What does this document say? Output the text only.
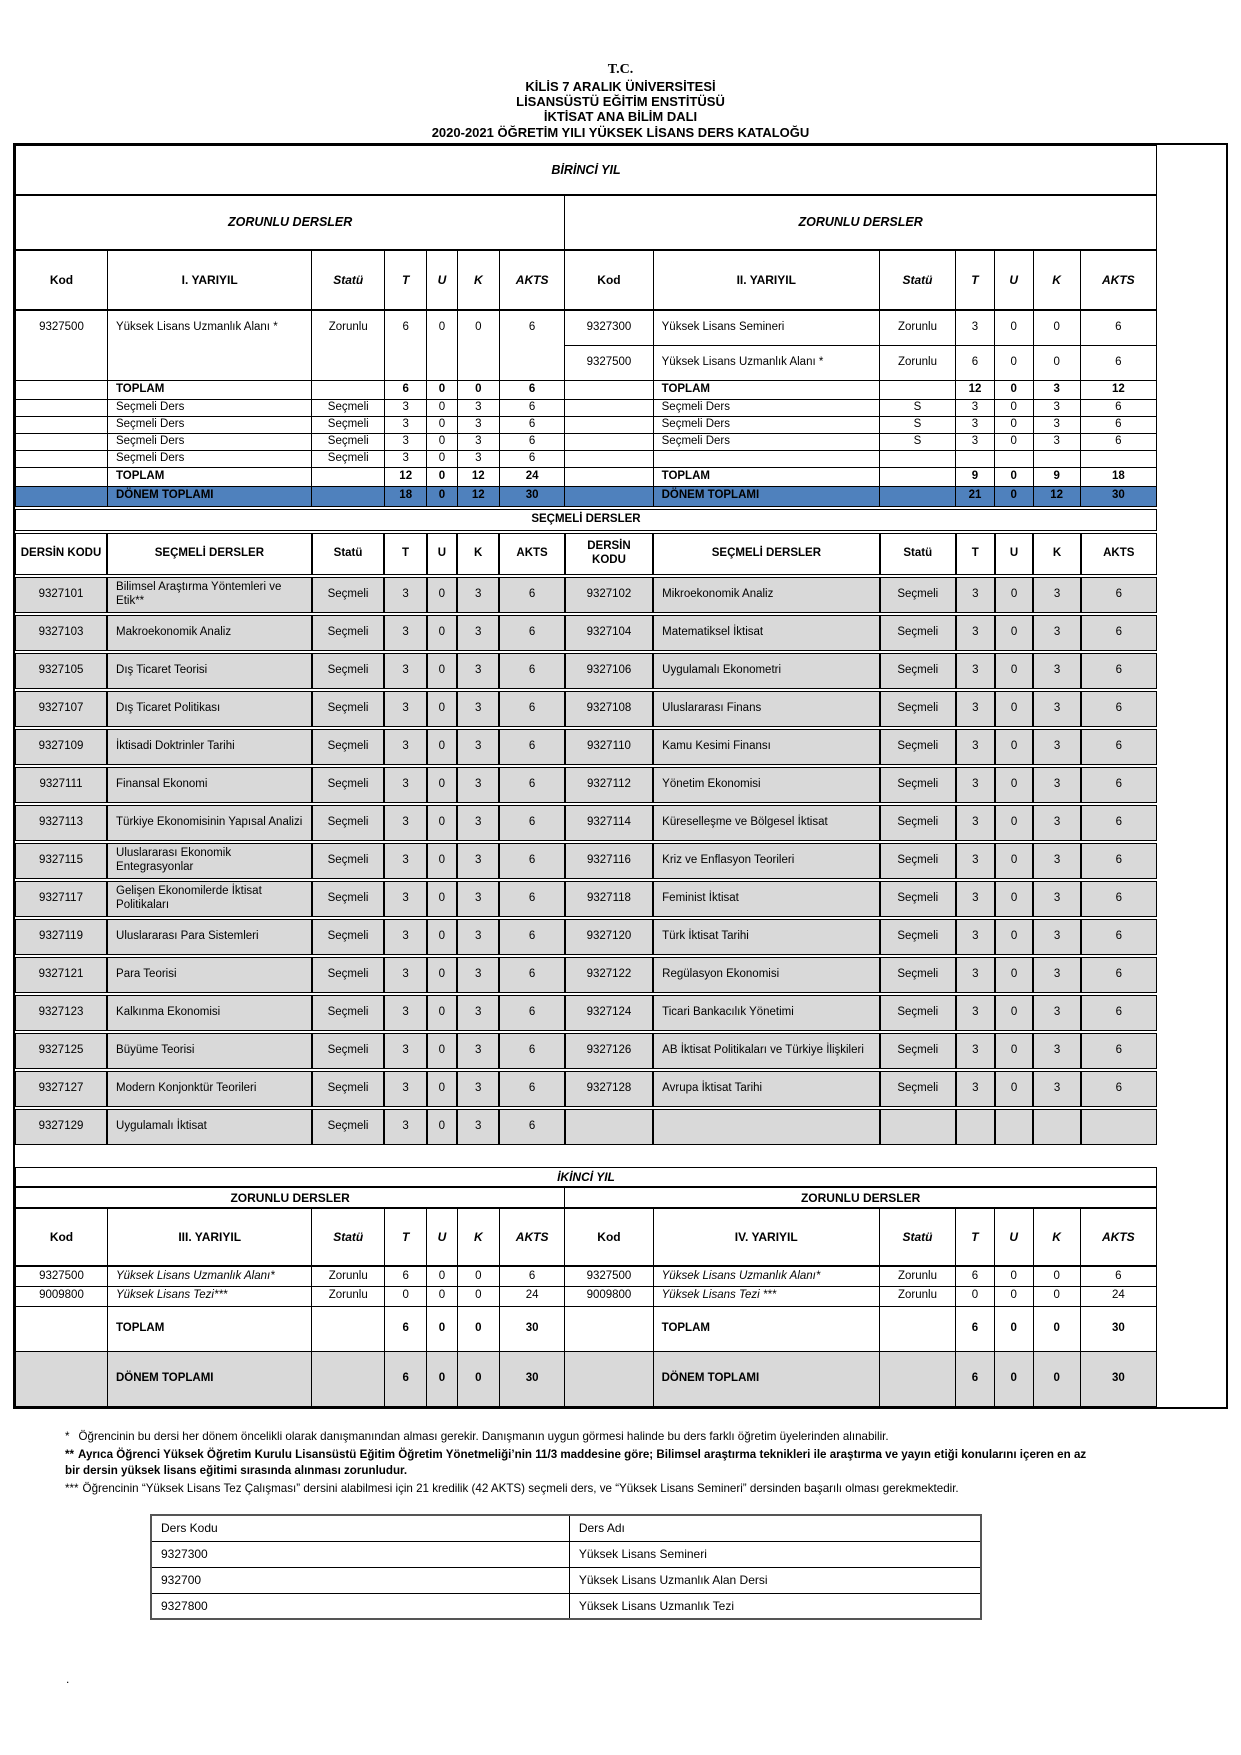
T.C.
KİLİS 7 ARALIK ÜNİVERSİTESİ
LİSANSÜSTÜ EĞİTİM ENSTİTÜSÜ
İKTİSAT ANA BİLİM DALI
2020-2021 ÖĞRETİM YILI YÜKSEK LİSANS DERS KATALOĞU
BİRİNCİ YIL														
ZORUNLU DERSLER							ZORUNLU DERSLER							
Kod	I. YARIYIL	Statü	T	U	K	AKTS	Kod	II. YARIYIL	Statü	T	U	K	AKTS	
9327500	Yüksek Lisans Uzmanlık Alanı *	Zorunlu	6	0	0	6	9327300	Yüksek Lisans Semineri	Zorunlu	3	0	0	6	
							9327500	Yüksek Lisans Uzmanlık Alanı *	Zorunlu	6	0	0	6	
	TOPLAM		6	0	0	6		TOPLAM		12	0	3	12	
	Seçmeli Ders	Seçmeli	3	0	3	6		Seçmeli Ders	S	3	0	3	6	
	Seçmeli Ders	Seçmeli	3	0	3	6		Seçmeli Ders	S	3	0	3	6	
	Seçmeli Ders	Seçmeli	3	0	3	6		Seçmeli Ders	S	3	0	3	6	
	Seçmeli Ders	Seçmeli	3	0	3	6								
	TOPLAM		12	0	12	24		TOPLAM		9	0	9	18	
	DÖNEM TOPLAMI		18	0	12	30		DÖNEM TOPLAMI		21	0	12	30	
SEÇMELİ DERSLER														
DERSİN KODU	SEÇMELİ DERSLER	Statü	T	U	K	AKTS	DERSİN KODU	SEÇMELİ DERSLER	Statü	T	U	K	AKTS	
9327101	Bilimsel Araştırma Yöntemleri ve Etik**	Seçmeli	3	0	3	6	9327102	Mikroekonomik Analiz	Seçmeli	3	0	3	6	
9327103	Makroekonomik Analiz	Seçmeli	3	0	3	6	9327104	Matematiksel İktisat	Seçmeli	3	0	3	6	
9327105	Dış Ticaret Teorisi	Seçmeli	3	0	3	6	9327106	Uygulamalı Ekonometri	Seçmeli	3	0	3	6	
9327107	Dış Ticaret Politikası	Seçmeli	3	0	3	6	9327108	Uluslararası Finans	Seçmeli	3	0	3	6	
9327109	İktisadi Doktrinler Tarihi	Seçmeli	3	0	3	6	9327110	Kamu Kesimi Finansı	Seçmeli	3	0	3	6	
9327111	Finansal Ekonomi	Seçmeli	3	0	3	6	9327112	Yönetim Ekonomisi	Seçmeli	3	0	3	6	
9327113	Türkiye Ekonomisinin Yapısal Analizi	Seçmeli	3	0	3	6	9327114	Küreselleşme ve Bölgesel İktisat	Seçmeli	3	0	3	6	
9327115	Uluslararası Ekonomik Entegrasyonlar	Seçmeli	3	0	3	6	9327116	Kriz ve Enflasyon Teorileri	Seçmeli	3	0	3	6	
9327117	Gelişen Ekonomilerde İktisat Politikaları	Seçmeli	3	0	3	6	9327118	Feminist İktisat	Seçmeli	3	0	3	6	
9327119	Uluslararası Para Sistemleri	Seçmeli	3	0	3	6	9327120	Türk İktisat Tarihi	Seçmeli	3	0	3	6	
9327121	Para Teorisi	Seçmeli	3	0	3	6	9327122	Regülasyon Ekonomisi	Seçmeli	3	0	3	6	
9327123	Kalkınma Ekonomisi	Seçmeli	3	0	3	6	9327124	Ticari Bankacılık Yönetimi	Seçmeli	3	0	3	6	
9327125	Büyüme Teorisi	Seçmeli	3	0	3	6	9327126	AB İktisat Politikaları ve Türkiye İlişkileri	Seçmeli	3	0	3	6	
9327127	Modern Konjonktür Teorileri	Seçmeli	3	0	3	6	9327128	Avrupa İktisat Tarihi	Seçmeli	3	0	3	6	
9327129	Uygulamalı İktisat	Seçmeli	3	0	3	6								
İKİNCİ YIL														
ZORUNLU DERSLER							ZORUNLU DERSLER							
Kod	III. YARIYIL	Statü	T	U	K	AKTS	Kod	IV. YARIYIL	Statü	T	U	K	AKTS	
9327500	Yüksek Lisans Uzmanlık Alanı*	Zorunlu	6	0	0	6	9327500	Yüksek Lisans Uzmanlık Alanı*	Zorunlu	6	0	0	6	
9009800	Yüksek Lisans Tezi***	Zorunlu	0	0	0	24	9009800	Yüksek Lisans Tezi ***	Zorunlu	0	0	0	24	
	TOPLAM		6	0	0	30		TOPLAM		6	0	0	30	
	DÖNEM TOPLAMI		6	0	0	30		DÖNEM TOPLAMI		6	0	0	30	
* Öğrencinin bu dersi her dönem öncelikli olarak danışmanından alması gerekir. Danışmanın uygun görmesi halinde bu ders farklı öğretim üyelerinden alınabilir.
** Ayrıca Öğrenci Yüksek Öğretim Kurulu Lisansüstü Eğitim Öğretim Yönetmeliği’nin 11/3 maddesine göre; Bilimsel araştırma teknikleri ile araştırma ve yayın etiği konularını içeren en az bir dersin yüksek lisans eğitimi sırasında alınması zorunludur.
*** Öğrencinin “Yüksek Lisans Tez Çalışması” dersini alabilmesi için 21 kredilik (42 AKTS) seçmeli ders, ve “Yüksek Lisans Semineri” dersinden başarılı olması gerekmektedir.
Ders Kodu	Ders Adı
9327300	Yüksek Lisans Semineri
932700	Yüksek Lisans Uzmanlık Alan Dersi
9327800	Yüksek Lisans Uzmanlık Tezi
.
